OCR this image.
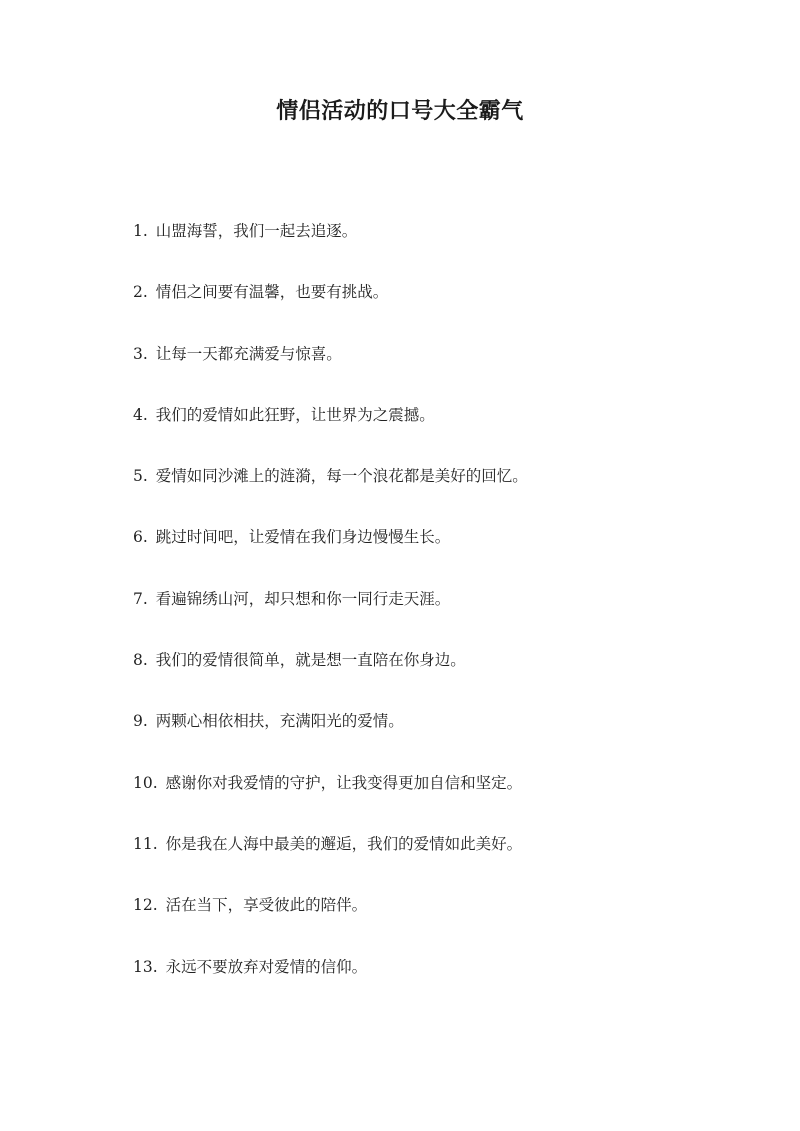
情侣活动的口号大全霸气
1. 山盟海誓，我们一起去追逐。
2. 情侣之间要有温馨，也要有挑战。
3. 让每一天都充满爱与惊喜。
4. 我们的爱情如此狂野，让世界为之震撼。
5. 爱情如同沙滩上的涟漪，每一个浪花都是美好的回忆。
6. 跳过时间吧，让爱情在我们身边慢慢生长。
7. 看遍锦绣山河，却只想和你一同行走天涯。
8. 我们的爱情很简单，就是想一直陪在你身边。
9. 两颗心相依相扶，充满阳光的爱情。
10. 感谢你对我爱情的守护，让我变得更加自信和坚定。
11. 你是我在人海中最美的邂逅，我们的爱情如此美好。
12. 活在当下，享受彼此的陪伴。
13. 永远不要放弃对爱情的信仰。
